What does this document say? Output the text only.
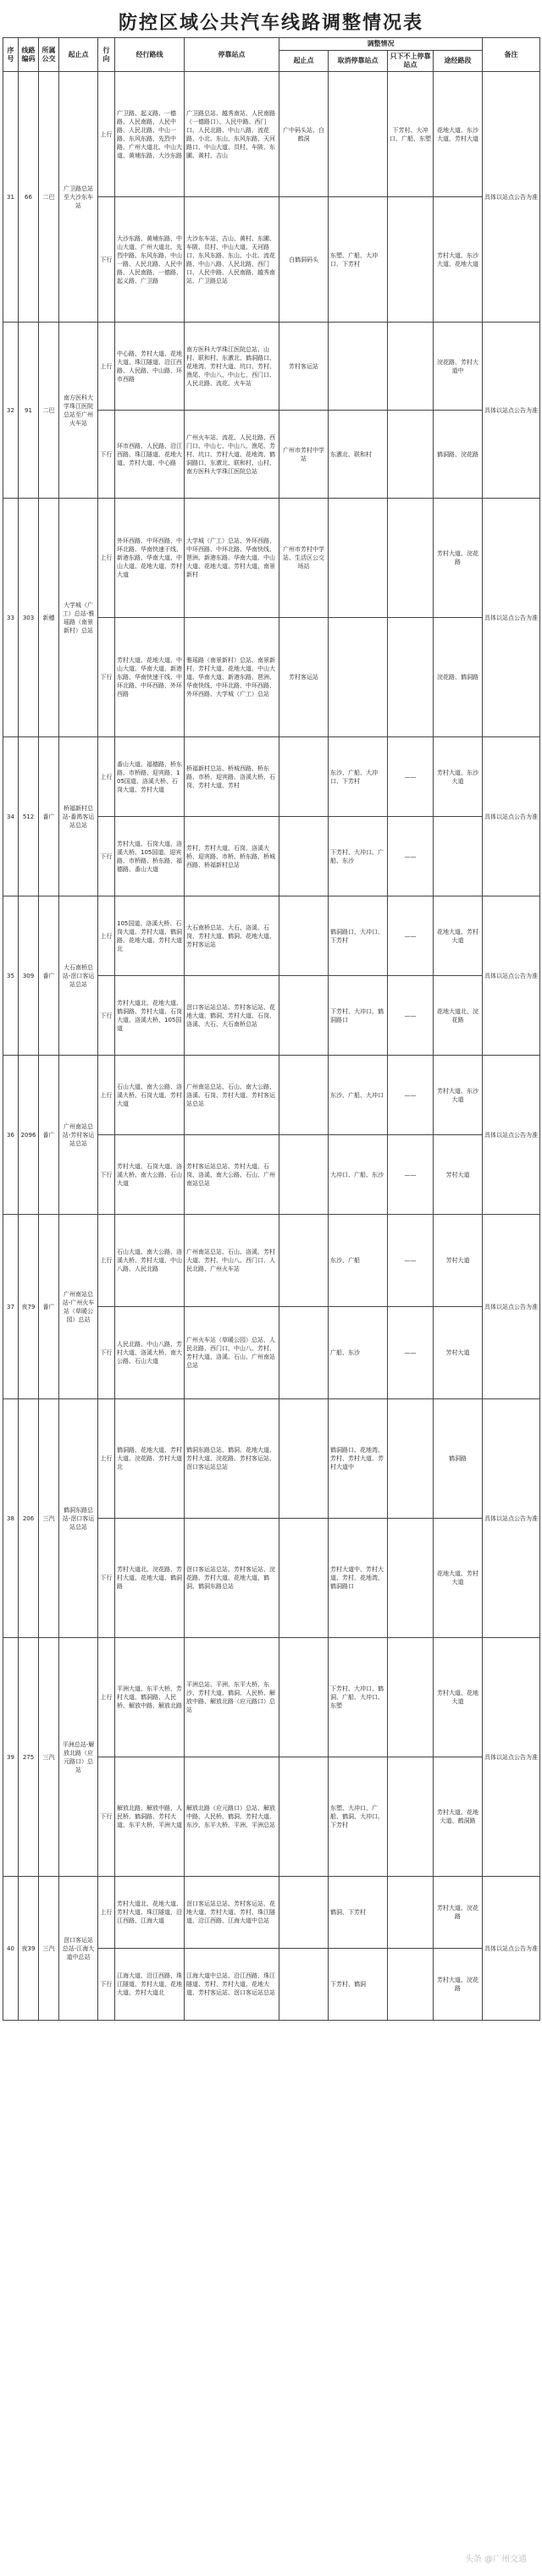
防控区域公共汽车线路调整情况表
序号	线路编码	所属公交	起止点	行向	经行路线	停靠站点	调整情况				备注
							起止点	取消停靠站点	只下不上停靠站点	途经路段	
31	66	二巴	广卫路总站至大沙东车站	上行	广卫路、起义路、一德路、人民南路、人民中路、人民北路、中山一路、东风东路、先烈中路、广州大道北、中山大道、黄埔东路、大沙东路	广卫路总站、越秀南站、人民南路（一德路口）、人民中路、西门口、人民北路、中山八路、流花路、小北、东山、东风东路、天河路口、中山大道、员村、车陂、东圃、黄村、吉山	广中码头站、白鹤洞		下芳村、大冲口、广船、东塱	花地大道、东沙大道、芳村大道	具体以站点公告为准
				下行	大沙东路、黄埔东路、中山大道、广州大道北、先烈中路、东风东路、中山一路、人民北路、人民中路、人民南路、一德路、起义路、广卫路	大沙东车站、吉山、黄村、东圃、车陂、员村、中山大道、天河路口、东风东路、东山、小北、流花路、中山八路、人民北路、西门口、人民中路、人民南路、越秀南站、广卫路总站	白鹤洞码头	东塱、广船、大冲口、下芳村		芳村大道、东沙大道、花地大道	
32	91	二巴	南方医科大学珠江医院总站至广州火车站	上行	中心路、芳村大道、花地大道、珠江隧道、沿江西路、人民路、中山路、环市西路	南方医科大学珠江医院总站、山村、联和村、东漖北、鹤洞路口、花地湾、芳村大道、坑口、芳村、渔尾、中山八、中山七、西门口、人民北路、流花、火车站	芳村客运站			浣花路、芳村大道中	具体以站点公告为准
				下行	环市西路、人民路、沿江西路、珠江隧道、花地大道、芳村大道、中心路	广州火车站、流花、人民北路、西门口、中山七、中山八、渔尾、芳村、坑口、芳村大道、花地湾、鹤洞路口、东漖北、联和村、山村、南方医科大学珠江医院总站	广州市芳村中学站	东漖北、联和村		鹤洞路、浣花路	
33	303	新穗	大学城（广工）总站-雅瑶路（南景新村）总站	上行	外环西路、中环西路、中环北路、华南快速干线、新港东路、华南大道、中山大道、花地大道、芳村大道	大学城（广工）总站、外环西路、中环西路、中环北路、华南快线、琶洲、新港东路、华南大道、中山大道、花地大道、芳村大道、南景新村	广州市芳村中学站、生活区公交场站			芳村大道、浣花路	具体以站点公告为准
				下行	芳村大道、花地大道、中山大道、华南大道、新港东路、华南快速干线、中环北路、中环西路、外环西路	雅瑶路（南景新村）总站、南景新村、芳村大道、花地大道、中山大道、华南大道、新港东路、琶洲、华南快线、中环北路、中环西路、外环西路、大学城（广工）总站	芳村客运站			浣花路、鹤洞路	
34	512	番广	桥福新村总站-番禺客运站总站	上行	番山大道、福德路、桥东路、市桥路、迎宾路、105国道、洛溪大桥、石岗大道、芳村大道	桥福新村总站、桥城西路、桥东路、市桥、迎宾路、洛溪大桥、石岗、芳村大道、芳村		东沙、广船、大冲口、下芳村	——	芳村大道、东沙大道	具体以站点公告为准
				下行	芳村大道、石岗大道、洛溪大桥、105国道、迎宾路、市桥路、桥东路、福德路、番山大道	芳村、芳村大道、石岗、洛溪大桥、迎宾路、市桥、桥东路、桥城西路、桥福新村总站		下芳村、大冲口、广船、东沙	——		
35	309	番广	大石南桥总站-滘口客运站总站	上行	105国道、洛溪大桥、石岗大道、芳村大道、鹤洞路、花地大道、芳村大道北	大石南桥总站、大石、洛溪、石岗、芳村大道、鹤洞、花地大道、芳村客运站		鹤洞路口、大冲口、下芳村	——	花地大道、芳村大道	具体以站点公告为准
				下行	芳村大道北、花地大道、鹤洞路、芳村大道、石岗大道、洛溪大桥、105国道	滘口客运站总站、芳村客运站、花地大道、鹤洞、芳村大道、石岗、洛溪、大石、大石南桥总站		下芳村、大冲口、鹤洞路口	——	花地大道北、浣花路	
36	2096	番广	广州南站总站-芳村客运站总站	上行	石山大道、南大公路、洛溪大桥、石岗大道、芳村大道	广州南站总站、石山、南大公路、洛溪、石岗、芳村大道、芳村客运站总站		东沙、广船、大冲口	——	芳村大道、东沙大道	具体以站点公告为准
				下行	芳村大道、石岗大道、洛溪大桥、南大公路、石山大道	芳村客运站总站、芳村大道、石岗、洛溪、南大公路、石山、广州南站总站		大冲口、广船、东沙	——	芳村大道	
37	夜79	番广	广州南站总站-广州火车站（草暖公园）总站	上行	石山大道、南大公路、洛溪大桥、芳村大道、中山八路、人民北路	广州南站总站、石山、洛溪、芳村大道、芳村、中山八、西门口、人民北路、广州火车站		东沙、广船	——	芳村大道	具体以站点公告为准
				下行	人民北路、中山八路、芳村大道、洛溪大桥、南大公路、石山大道	广州火车站（草暖公园）总站、人民北路、西门口、中山八、芳村、芳村大道、洛溪、石山、广州南站总站		广船、东沙	——	芳村大道	
38	206	三汽	鹤洞东路总站-滘口客运站总站	上行	鹤洞路、花地大道、芳村大道、浣花路、芳村大道北	鹤洞东路总站、鹤洞、花地大道、芳村大道、浣花路、芳村客运站、滘口客运站总站		鹤洞路口、花地湾、芳村、芳村大道、芳村大道中		鹤洞路	具体以站点公告为准
				下行	芳村大道北、浣花路、芳村大道、花地大道、鹤洞路	滘口客运站总站、芳村客运站、浣花路、芳村大道、花地大道、鹤洞、鹤洞东路总站		芳村大道中、芳村大道、芳村、花地湾、鹤洞路口		花地大道、芳村大道	
39	275	三汽	平洲总站-解放北路（应元路口）总站	上行	平洲大道、东平大桥、芳村大道、鹤洞路、人民桥、解放中路、解放北路	平洲总站、平洲、东平大桥、东沙、芳村大道、鹤洞、人民桥、解放中路、解放北路（应元路口）总站		下芳村、大冲口、鹤洞、广船、大冲口、东塱		芳村大道、花地大道	具体以站点公告为准
				下行	解放北路、解放中路、人民桥、鹤洞路、芳村大道、东平大桥、平洲大道	解放北路（应元路口）总站、解放中路、人民桥、鹤洞、芳村大道、东沙、东平大桥、平洲、平洲总站		东塱、大冲口、广船、鹤洞、大冲口、下芳村		芳村大道、花地大道、鹤洞路	
40	夜39	三汽	滘口客运站总站-江海大道中总站	上行	芳村大道北、花地大道、芳村大道、珠江隧道、沿江西路、江海大道	滘口客运站总站、芳村客运站、花地大道、芳村大道、芳村、珠江隧道、沿江西路、江海大道中总站		鹤洞、下芳村		芳村大道、浣花路	具体以站点公告为准
				下行	江海大道、沿江西路、珠江隧道、芳村大道、花地大道、芳村大道北	江海大道中总站、沿江西路、珠江隧道、芳村、芳村大道、花地大道、芳村客运站、滘口客运站总站		下芳村、鹤洞		芳村大道、浣花路	
头条 @广州交通
